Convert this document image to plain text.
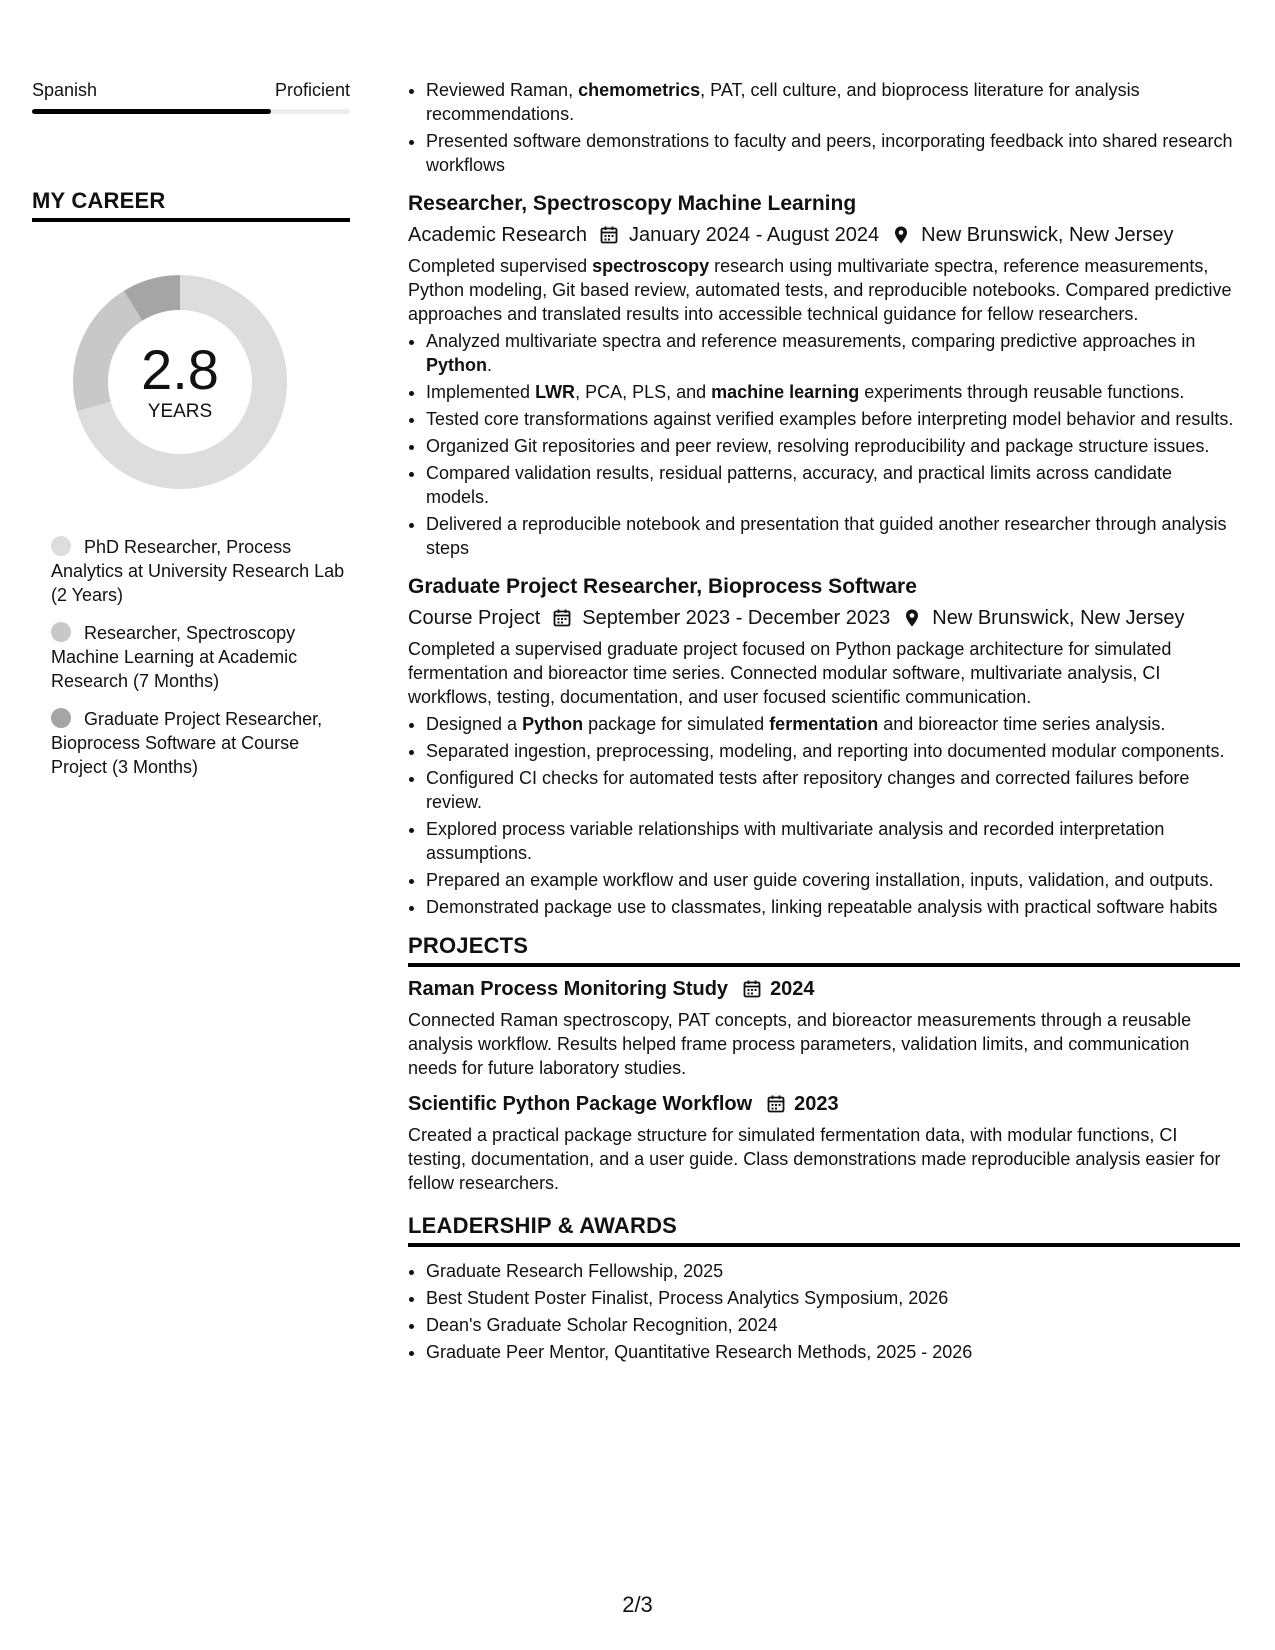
Spanish	Proficient
MY CAREER
2.8
YEARS
PhD Researcher, Process Analytics at University Research Lab (2 Years)
Researcher, Spectroscopy Machine Learning at Academic Research (7 Months)
Graduate Project Researcher, Bioprocess Software at Course Project (3 Months)
• Reviewed Raman, chemometrics, PAT, cell culture, and bioprocess literature for analysis recommendations.
• Presented software demonstrations to faculty and peers, incorporating feedback into shared research workflows
Researcher, Spectroscopy Machine Learning
Academic Research January 2024 - August 2024 New Brunswick, New Jersey
Completed supervised spectroscopy research using multivariate spectra, reference measurements, Python modeling, Git based review, automated tests, and reproducible notebooks. Compared predictive approaches and translated results into accessible technical guidance for fellow researchers.
• Analyzed multivariate spectra and reference measurements, comparing predictive approaches in Python.
• Implemented LWR, PCA, PLS, and machine learning experiments through reusable functions.
• Tested core transformations against verified examples before interpreting model behavior and results.
• Organized Git repositories and peer review, resolving reproducibility and package structure issues.
• Compared validation results, residual patterns, accuracy, and practical limits across candidate models.
• Delivered a reproducible notebook and presentation that guided another researcher through analysis steps
Graduate Project Researcher, Bioprocess Software
Course Project September 2023 - December 2023 New Brunswick, New Jersey
Completed a supervised graduate project focused on Python package architecture for simulated fermentation and bioreactor time series. Connected modular software, multivariate analysis, CI workflows, testing, documentation, and user focused scientific communication.
• Designed a Python package for simulated fermentation and bioreactor time series analysis.
• Separated ingestion, preprocessing, modeling, and reporting into documented modular components.
• Configured CI checks for automated tests after repository changes and corrected failures before review.
• Explored process variable relationships with multivariate analysis and recorded interpretation assumptions.
• Prepared an example workflow and user guide covering installation, inputs, validation, and outputs.
• Demonstrated package use to classmates, linking repeatable analysis with practical software habits
PROJECTS
Raman Process Monitoring Study 2024
Connected Raman spectroscopy, PAT concepts, and bioreactor measurements through a reusable analysis workflow. Results helped frame process parameters, validation limits, and communication needs for future laboratory studies.
Scientific Python Package Workflow 2023
Created a practical package structure for simulated fermentation data, with modular functions, CI testing, documentation, and a user guide. Class demonstrations made reproducible analysis easier for fellow researchers.
LEADERSHIP & AWARDS
• Graduate Research Fellowship, 2025
• Best Student Poster Finalist, Process Analytics Symposium, 2026
• Dean's Graduate Scholar Recognition, 2024
• Graduate Peer Mentor, Quantitative Research Methods, 2025 - 2026
2/3
